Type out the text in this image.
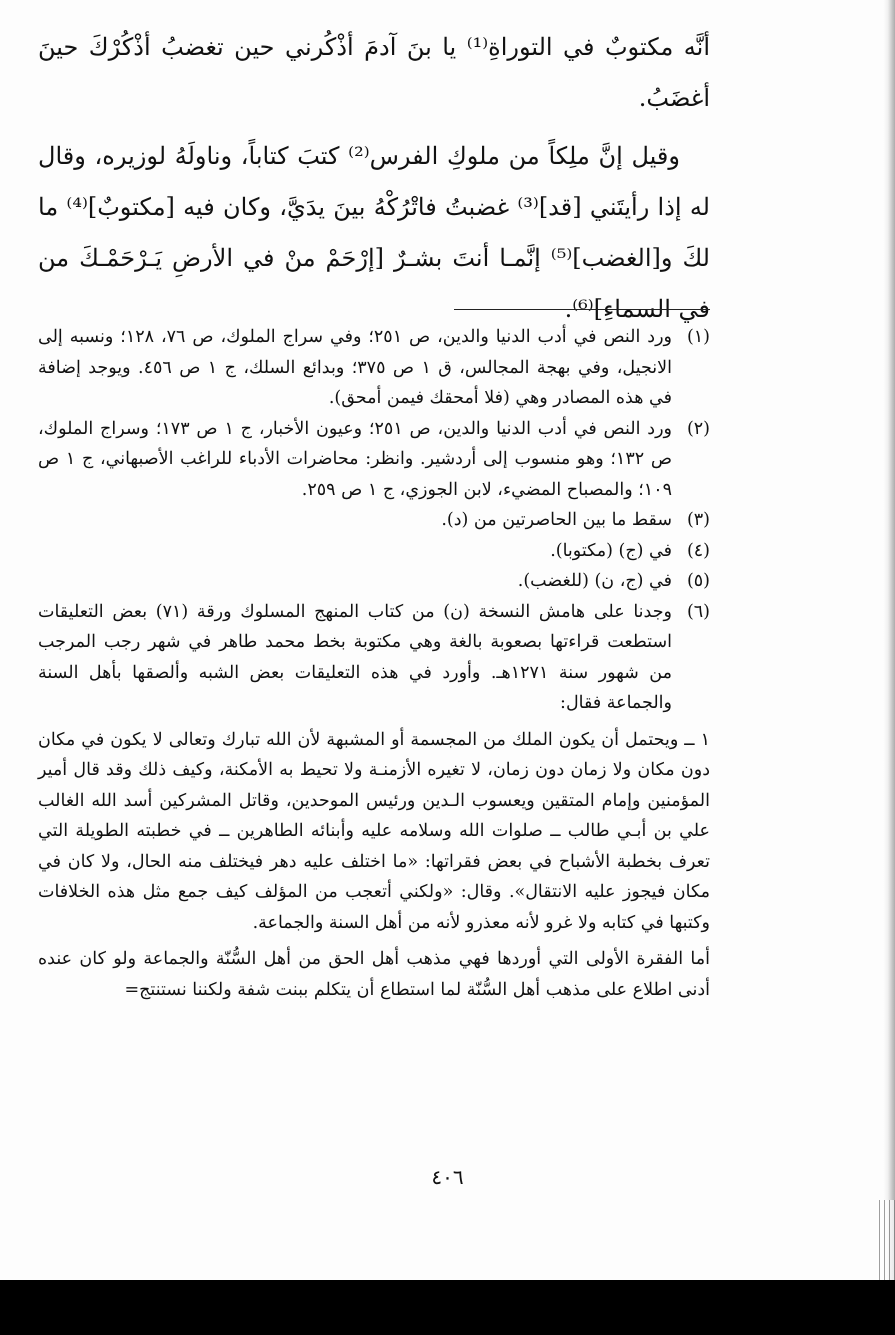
أنَّه مكتوبٌ في التوراةِ⁽¹⁾ يا بنَ آدمَ أذْكُرني حين تغضبُ أذْكُرْكَ حينَ أغضَبُ.

وقيل إنَّ ملِكاً من ملوكِ الفرس⁽²⁾ كتبَ كتاباً، وناولَهُ لوزيره، وقال له إذا رأيتَني [قد]⁽³⁾ غضبتُ فاتْرُكْهُ بينَ يدَيَّ، وكان فيه [مكتوبٌ]⁽⁴⁾ ما لكَ و[الغضب]⁽⁵⁾ إنَّمـا أنتَ بشـرٌ [إرْحَمْ منْ في الأرضِ يَـرْحَمْـكَ من في السماءِ]⁽⁶⁾.

(١)
ورد النص في أدب الدنيا والدين، ص ٢٥١؛ وفي سراج الملوك، ص ٧٦، ١٢٨؛ ونسبه إلى الانجيل، وفي بهجة المجالس، ق ١ ص ٣٧٥؛ وبدائع السلك، ج ١ ص ٤٥٦. ويوجد إضافة في هذه المصادر وهي (فلا أمحقك فيمن أمحق).
(٢)
ورد النص في أدب الدنيا والدين، ص ٢٥١؛ وعيون الأخبار، ج ١ ص ١٧٣؛ وسراج الملوك، ص ١٣٢؛ وهو منسوب إلى أردشير. وانظر: محاضرات الأدباء للراغب الأصبهاني، ج ١ ص ١٠٩؛ والمصباح المضيء، لابن الجوزي، ج ١ ص ٢٥٩.
(٣)
سقط ما بين الحاصرتين من (د).
(٤)
في (ج) (مكتوبا).
(٥)
في (ج، ن) (للغضب).
(٦)
وجدنا على هامش النسخة (ن) من كتاب المنهج المسلوك ورقة (٧١) بعض التعليقات استطعت قراءتها بصعوبة بالغة وهي مكتوبة بخط محمد طاهر في شهر رجب المرجب من شهور سنة ١٢٧١هـ. وأورد في هذه التعليقات بعض الشبه وألصقها بأهل السنة والجماعة فقال:

١ ــ ويحتمل أن يكون الملك من المجسمة أو المشبهة لأن الله تبارك وتعالى لا يكون في مكان دون مكان ولا زمان دون زمان، لا تغيره الأزمنـة ولا تحيط به الأمكنة، وكيف ذلك وقد قال أمير المؤمنين وإمام المتقين ويعسوب الـدين ورئيس الموحدين، وقاتل المشركين أسد الله الغالب علي بن أبـي طالب ــ صلوات الله وسلامه عليه وأبنائه الطاهرين ــ في خطبته الطويلة التي تعرف بخطبة الأشباح في بعض فقراتها: «ما اختلف عليه دهر فيختلف منه الحال، ولا كان في مكان فيجوز عليه الانتقال». وقال: «ولكني أتعجب من المؤلف كيف جمع مثل هذه الخلافات وكتبها في كتابه ولا غرو لأنه معذرو لأنه من أهل السنة والجماعة.

أما الفقرة الأولى التي أوردها فهي مذهب أهل الحق من أهل السُّنّة والجماعة ولو كان عنده أدنى اطلاع على مذهب أهل السُّنّة لما استطاع أن يتكلم ببنت شفة ولكننا نستنتج=

٤٠٦
